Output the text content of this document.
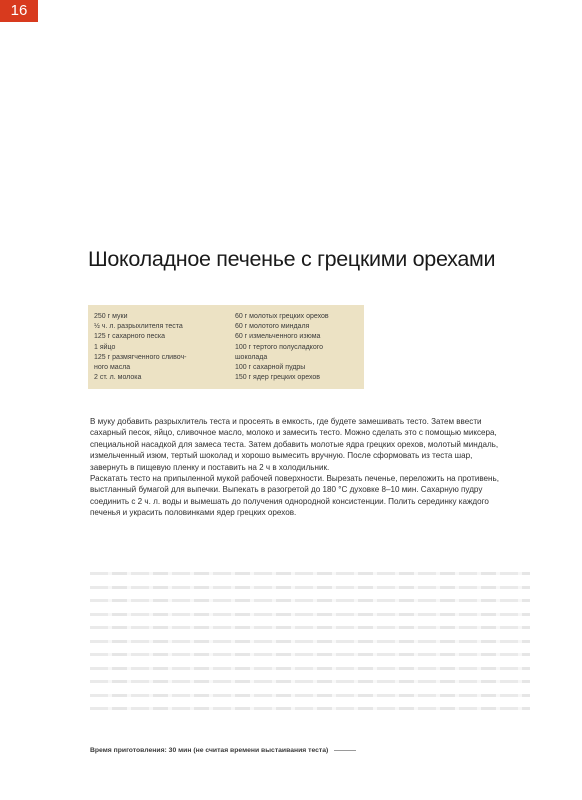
16
Шоколадное печенье с грецкими орехами
250 г муки
½ ч. л. разрыхлителя теста
125 г сахарного песка
1 яйцо
125 г размягченного сливоч-
ного масла
2 ст. л. молока
60 г молотых грецких орехов
60 г молотого миндаля
60 г измельченного изюма
100 г тертого полусладкого
шоколада
100 г сахарной пудры
150 г ядер грецких орехов

В муку добавить разрыхлитель теста и просеять в емкость, где будете замешивать тесто. Затем ввести сахарный песок, яйцо, сливочное масло, молоко и замесить тесто. Можно сделать это с помощью миксера, специальной насадкой для замеса теста. Затем добавить молотые ядра грецких орехов, молотый миндаль, измельченный изюм, тертый шоколад и хорошо вымесить вручную. После сформовать из теста шар, завернуть в пищевую пленку и поставить на 2 ч в холодильник.

Раскатать тесто на припыленной мукой рабочей поверхности. Вырезать печенье, переложить на противень, выстланный бумагой для выпечки. Выпекать в разогретой до 180 °С духовке 8–10 мин. Сахарную пудру соединить с 2 ч. л. воды и вымешать до получения однородной консистенции. Полить серединку каждого печенья и украсить половинками ядер грецких орехов.

Время приготовления: 30 мин (не считая времени выстаивания теста)
